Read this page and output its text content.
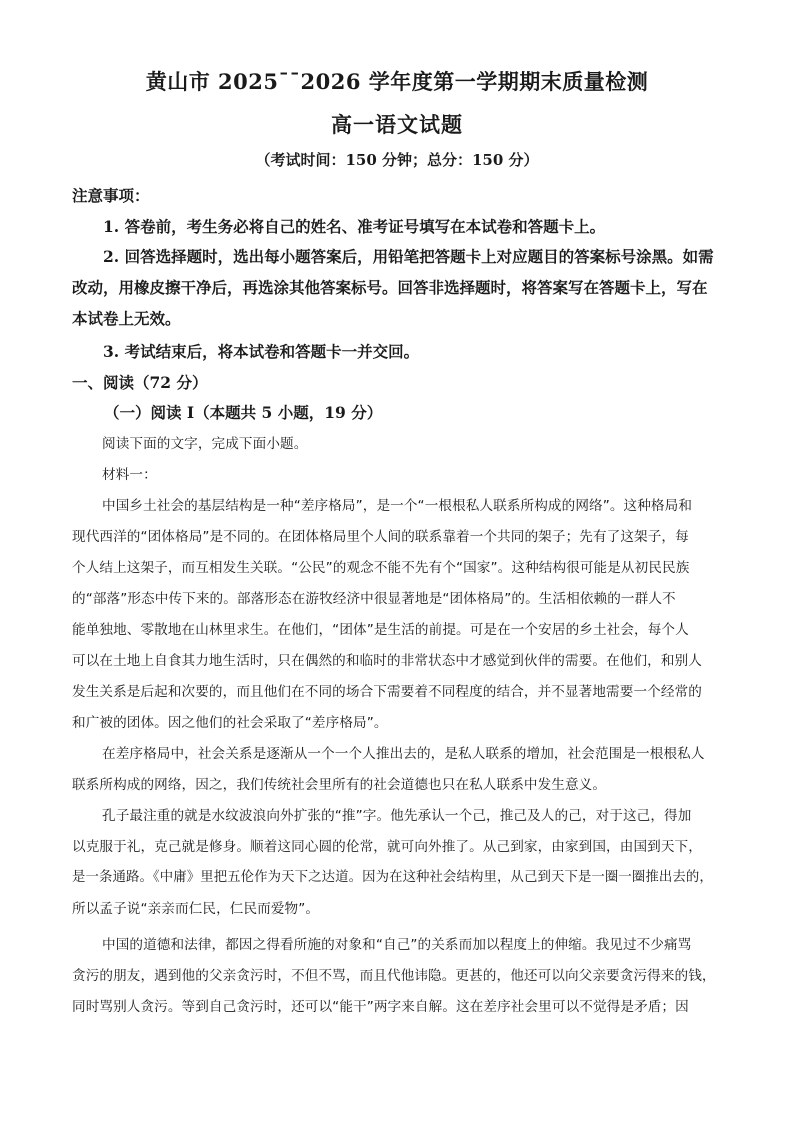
黄山市 2025¯¯2026 学年度第一学期期末质量检测
高一语文试题
（考试时间：150 分钟；总分：150 分）
注意事项：
1. 答卷前，考生务必将自己的姓名、准考证号填写在本试卷和答题卡上。
2. 回答选择题时，选出每小题答案后，用铅笔把答题卡上对应题目的答案标号涂黑。如需
改动，用橡皮擦干净后，再选涂其他答案标号。回答非选择题时，将答案写在答题卡上，写在
本试卷上无效。
3. 考试结束后，将本试卷和答题卡一并交回。
一、阅读（72 分）
（一）阅读 I（本题共 5 小题，19 分）
阅读下面的文字，完成下面小题。
材料一：
中国乡土社会的基层结构是一种“差序格局”，是一个“一根根私人联系所构成的网络”。这种格局和
现代西洋的“团体格局”是不同的。在团体格局里个人间的联系靠着一个共同的架子；先有了这架子，每
个人结上这架子，而互相发生关联。“公民”的观念不能不先有个“国家”。这种结构很可能是从初民民族
的“部落”形态中传下来的。部落形态在游牧经济中很显著地是“团体格局”的。生活相依赖的一群人不
能单独地、零散地在山林里求生。在他们，“团体”是生活的前提。可是在一个安居的乡土社会，每个人
可以在土地上自食其力地生活时，只在偶然的和临时的非常状态中才感觉到伙伴的需要。在他们，和别人
发生关系是后起和次要的，而且他们在不同的场合下需要着不同程度的结合，并不显著地需要一个经常的
和广被的团体。因之他们的社会采取了“差序格局”。
在差序格局中，社会关系是逐渐从一个一个人推出去的，是私人联系的增加，社会范围是一根根私人
联系所构成的网络，因之，我们传统社会里所有的社会道德也只在私人联系中发生意义。
孔子最注重的就是水纹波浪向外扩张的“推”字。他先承认一个己，推己及人的己，对于这己，得加
以克服于礼，克己就是修身。顺着这同心圆的伦常，就可向外推了。从己到家，由家到国，由国到天下，
是一条通路。《中庸》里把五伦作为天下之达道。因为在这种社会结构里，从己到天下是一圈一圈推出去的，
所以孟子说“亲亲而仁民，仁民而爱物”。
中国的道德和法律，都因之得看所施的对象和“自己”的关系而加以程度上的伸缩。我见过不少痛骂
贪污的朋友，遇到他的父亲贪污时，不但不骂，而且代他讳隐。更甚的，他还可以向父亲要贪污得来的钱，
同时骂别人贪污。等到自己贪污时，还可以“能干”两字来自解。这在差序社会里可以不觉得是矛盾；因
